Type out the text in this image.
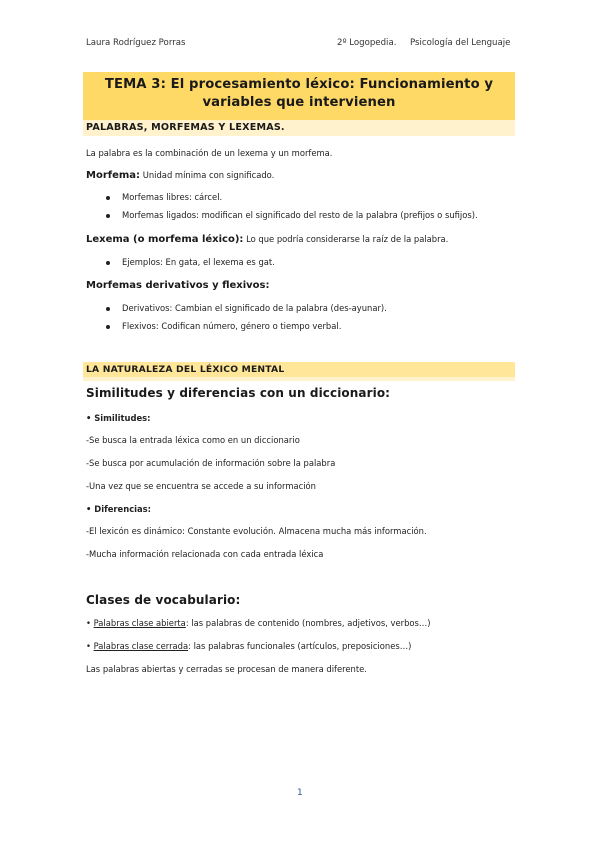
Laura Rodríguez Porras	2º Logopedia. Psicología del Lenguaje
TEMA 3: El procesamiento léxico: Funcionamiento y
variables que intervienen
PALABRAS, MORFEMAS Y LEXEMAS.
La palabra es la combinación de un lexema y un morfema.
Morfema: Unidad mínima con significado.
Morfemas libres: cárcel.
Morfemas ligados: modifican el significado del resto de la palabra (prefijos o sufijos).
Lexema (o morfema léxico): Lo que podría considerarse la raíz de la palabra.
Ejemplos: En gata, el lexema es gat.
Morfemas derivativos y flexivos:
Derivativos: Cambian el significado de la palabra (des-ayunar).
Flexivos: Codifican número, género o tiempo verbal.
LA NATURALEZA DEL LÉXICO MENTAL
Similitudes y diferencias con un diccionario:
• Similitudes:
-Se busca la entrada léxica como en un diccionario
-Se busca por acumulación de información sobre la palabra
-Una vez que se encuentra se accede a su información
• Diferencias:
-El lexicón es dinámico: Constante evolución. Almacena mucha más información.
-Mucha información relacionada con cada entrada léxica
Clases de vocabulario:
• Palabras clase abierta: las palabras de contenido (nombres, adjetivos, verbos…)
• Palabras clase cerrada: las palabras funcionales (artículos, preposiciones…)
Las palabras abiertas y cerradas se procesan de manera diferente.
1
